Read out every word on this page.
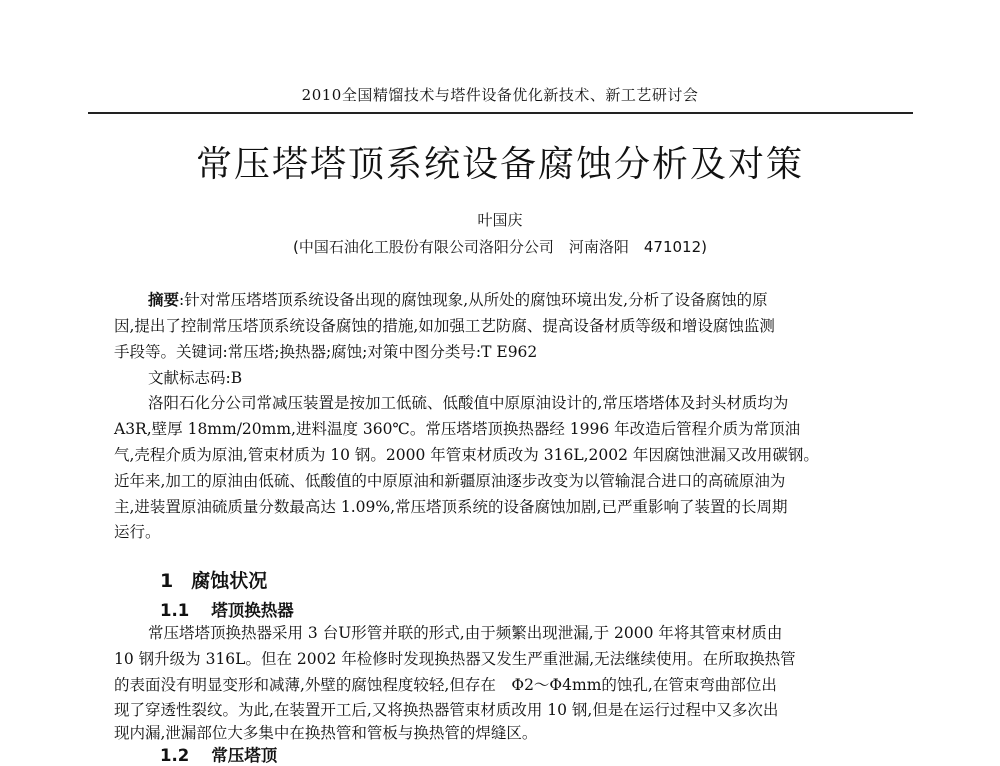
2010全国精馏技术与塔件设备优化新技术、新工艺研讨会
常压塔塔顶系统设备腐蚀分析及对策
叶国庆
(中国石油化工股份有限公司洛阳分公司　河南洛阳　471012)
摘要:针对常压塔塔顶系统设备出现的腐蚀现象,从所处的腐蚀环境出发,分析了设备腐蚀的原
因,提出了控制常压塔顶系统设备腐蚀的措施,如加强工艺防腐、提高设备材质等级和增设腐蚀监测
手段等。关键词:常压塔;换热器;腐蚀;对策中图分类号:T E962
文献标志码:B
洛阳石化分公司常减压装置是按加工低硫、低酸值中原原油设计的,常压塔塔体及封头材质均为
A3R,壁厚 18mm/20mm,进料温度 360℃。常压塔塔顶换热器经 1996 年改造后管程介质为常顶油
气,壳程介质为原油,管束材质为 10 钢。2000 年管束材质改为 316L,2002 年因腐蚀泄漏又改用碳钢。
近年来,加工的原油由低硫、低酸值的中原原油和新疆原油逐步改变为以管输混合进口的高硫原油为
主,进装置原油硫质量分数最高达 1.09%,常压塔顶系统的设备腐蚀加剧,已严重影响了装置的长周期
运行。
1 腐蚀状况
1.1 塔顶换热器
常压塔塔顶换热器采用 3 台U形管并联的形式,由于频繁出现泄漏,于 2000 年将其管束材质由
10 钢升级为 316L。但在 2002 年检修时发现换热器又发生严重泄漏,无法继续使用。在所取换热管
的表面没有明显变形和减薄,外壁的腐蚀程度较轻,但存在　Φ2～Φ4mm的蚀孔,在管束弯曲部位出
现了穿透性裂纹。为此,在装置开工后,又将换热器管束材质改用 10 钢,但是在运行过程中又多次出
现内漏,泄漏部位大多集中在换热管和管板与换热管的焊缝区。
1.2 常压塔顶
